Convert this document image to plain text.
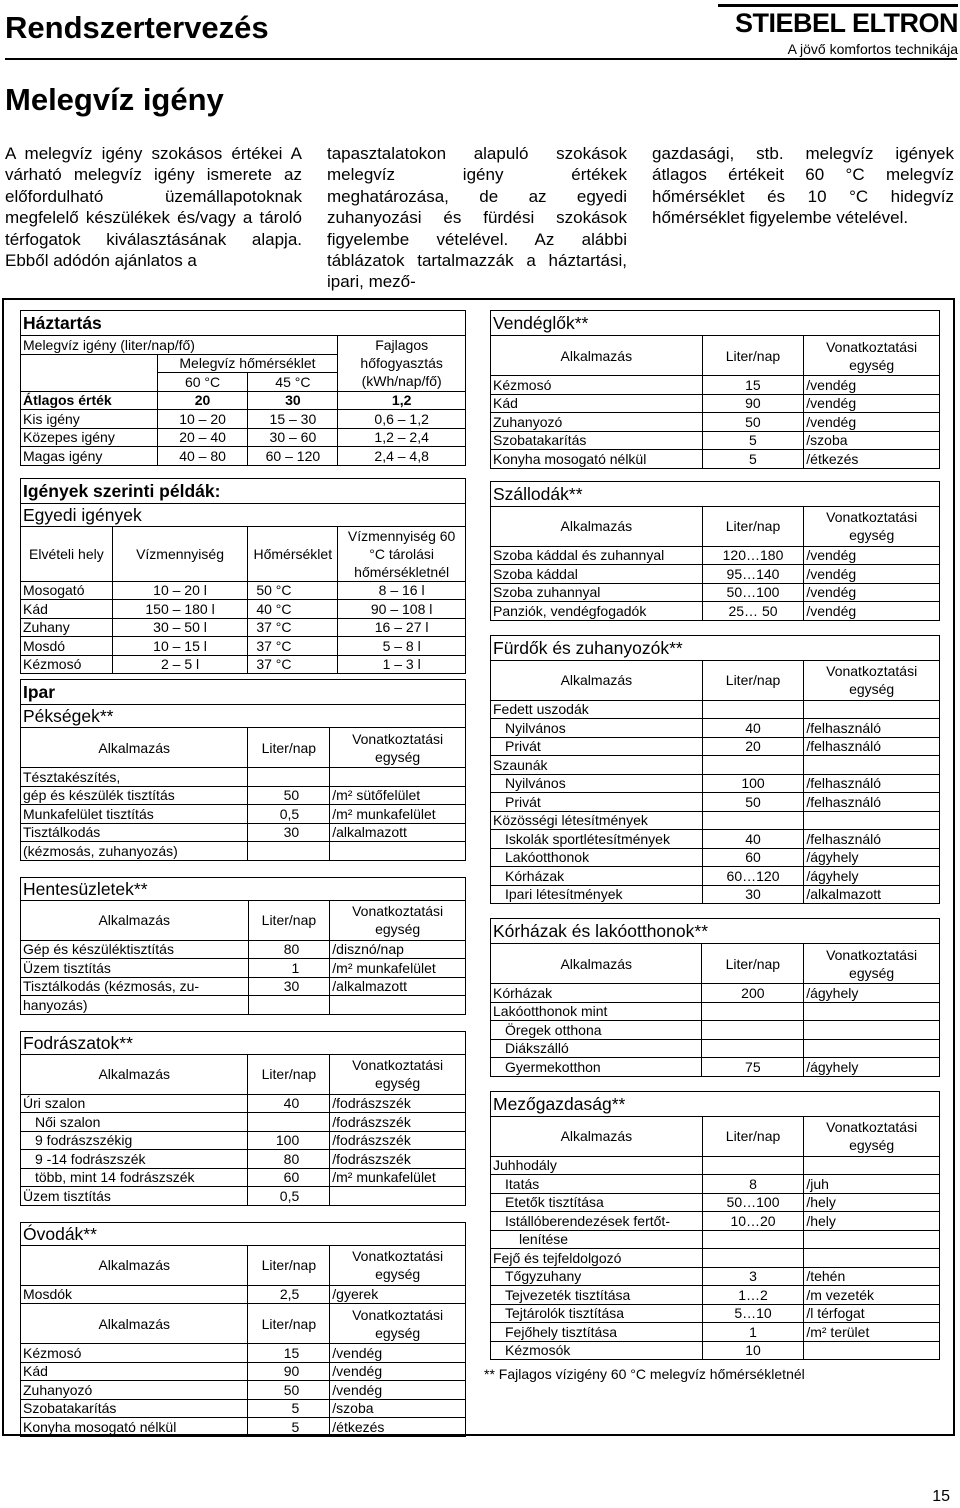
Rendszertervezés	STIEBEL ELTRON
A jövő komfortos technikája
Melegvíz igény

A melegvíz igény szokásos értékei A várható melegvíz igény ismerete az előfordulható üzemállapotoknak megfelelő készülékek és/vagy a tároló térfogatok kiválasztásának alapja. Ebből adódón ajánlatos a

tapasztalatokon alapuló szokások melegvíz igény értékek meghatározása, de az egyedi zuhanyozási és fürdési szokások figyelembe vételével. Az alábbi táblázatok tartalmazzák a háztartási, ipari, mező-

gazdasági, stb. melegvíz igények átlagos értékeit 60 °C melegvíz hőmérséklet és 10 °C hidegvíz hőmérséklet figyelembe vételével.

Háztartás			
Melegvíz igény (liter/nap/fő)			Fajlagos hőfogyasztás (kWh/nap/fő)
	Melegvíz hőmérséklet		
	60 °C	45 °C	
Átlagos érték	20	30	1,2
Kis igény	10 – 20	15 – 30	0,6 – 1,2
Közepes igény	20 – 40	30 – 60	1,2 – 2,4
Magas igény	40 – 80	60 – 120	2,4 – 4,8
Igények szerinti példák:			
Egyedi igények			
Elvételi hely	Vízmennyiség	Hőmérséklet	Vízmennyiség 60 °C tárolási hőmérsékletnél
Mosogató	10 – 20 l	50 °C	8 – 16 l
Kád	150 – 180 l	40 °C	90 – 108 l
Zuhany	30 – 50 l	37 °C	16 – 27 l
Mosdó	10 – 15 l	37 °C	5 – 8 l
Kézmosó	2 – 5 l	37 °C	1 – 3 l
Ipar		
Pékségek**		
Alkalmazás	Liter/nap	Vonatkoztatási egység
Tésztakészítés,		
gép és készülék tisztítás	50	/m² sütőfelület
Munkafelület tisztítás	0,5	/m² munkafelület
Tisztálkodás	30	/alkalmazott
(kézmosás, zuhanyozás)		
Hentesüzletek**		
Alkalmazás	Liter/nap	Vonatkoztatási egység
Gép és készüléktisztítás	80	/disznó/nap
Üzem tisztítás	1	/m² munkafelület
Tisztálkodás (kézmosás, zu-	30	/alkalmazott
hanyozás)		
Fodrászatok**		
Alkalmazás	Liter/nap	Vonatkoztatási egység
Úri szalon	40	/fodrászszék
Női szalon		/fodrászszék
9 fodrászszékig	100	/fodrászszék
9 -14 fodrászszék	80	/fodrászszék
több, mint 14 fodrászszék	60	/m² munkafelület
Üzem tisztítás	0,5	
Óvodák**		
Alkalmazás	Liter/nap	Vonatkoztatási egység
Mosdók	2,5	/gyerek
Alkalmazás	Liter/nap	Vonatkoztatási egység
Kézmosó	15	/vendég
Kád	90	/vendég
Zuhanyozó	50	/vendég
Szobatakarítás	5	/szoba
Konyha mosogató nélkül	5	/étkezés
Vendéglők**		
Alkalmazás	Liter/nap	Vonatkoztatási egység
Kézmosó	15	/vendég
Kád	90	/vendég
Zuhanyozó	50	/vendég
Szobatakarítás	5	/szoba
Konyha mosogató nélkül	5	/étkezés
Szállodák**		
Alkalmazás	Liter/nap	Vonatkoztatási egység
Szoba káddal és zuhannyal	120…180	/vendég
Szoba káddal	95…140	/vendég
Szoba zuhannyal	50…100	/vendég
Panziók, vendégfogadók	25… 50	/vendég
Fürdők és zuhanyozók**		
Alkalmazás	Liter/nap	Vonatkoztatási egység
Fedett uszodák		
Nyilvános	40	/felhasználó
Privát	20	/felhasználó
Szaunák		
Nyilvános	100	/felhasználó
Privát	50	/felhasználó
Közösségi létesítmények		
Iskolák sportlétesítmények	40	/felhasználó
Lakóotthonok	60	/ágyhely
Kórházak	60…120	/ágyhely
Ipari létesítmények	30	/alkalmazott
Kórházak és lakóotthonok**		
Alkalmazás	Liter/nap	Vonatkoztatási egység
Kórházak	200	/ágyhely
Lakóotthonok mint		
Öregek otthona		
Diákszálló		
Gyermekotthon	75	/ágyhely
Mezőgazdaság**		
Alkalmazás	Liter/nap	Vonatkoztatási egység
Juhhodály		
Itatás	8	/juh
Etetők tisztítása	50…100	/hely
Istállóberendezések fertőt-	10…20	/hely
lenítése		
Fejő és tejfeldolgozó		
Tőgyzuhany	3	/tehén
Tejvezeték tisztítása	1…2	/m vezeték
Tejtárolók tisztítása	5…10	/l térfogat
Fejőhely tisztítása	1	/m² terület
Kézmosók	10	
** Fajlagos vízigény 60 °C melegvíz hőmérsékletnél
15
